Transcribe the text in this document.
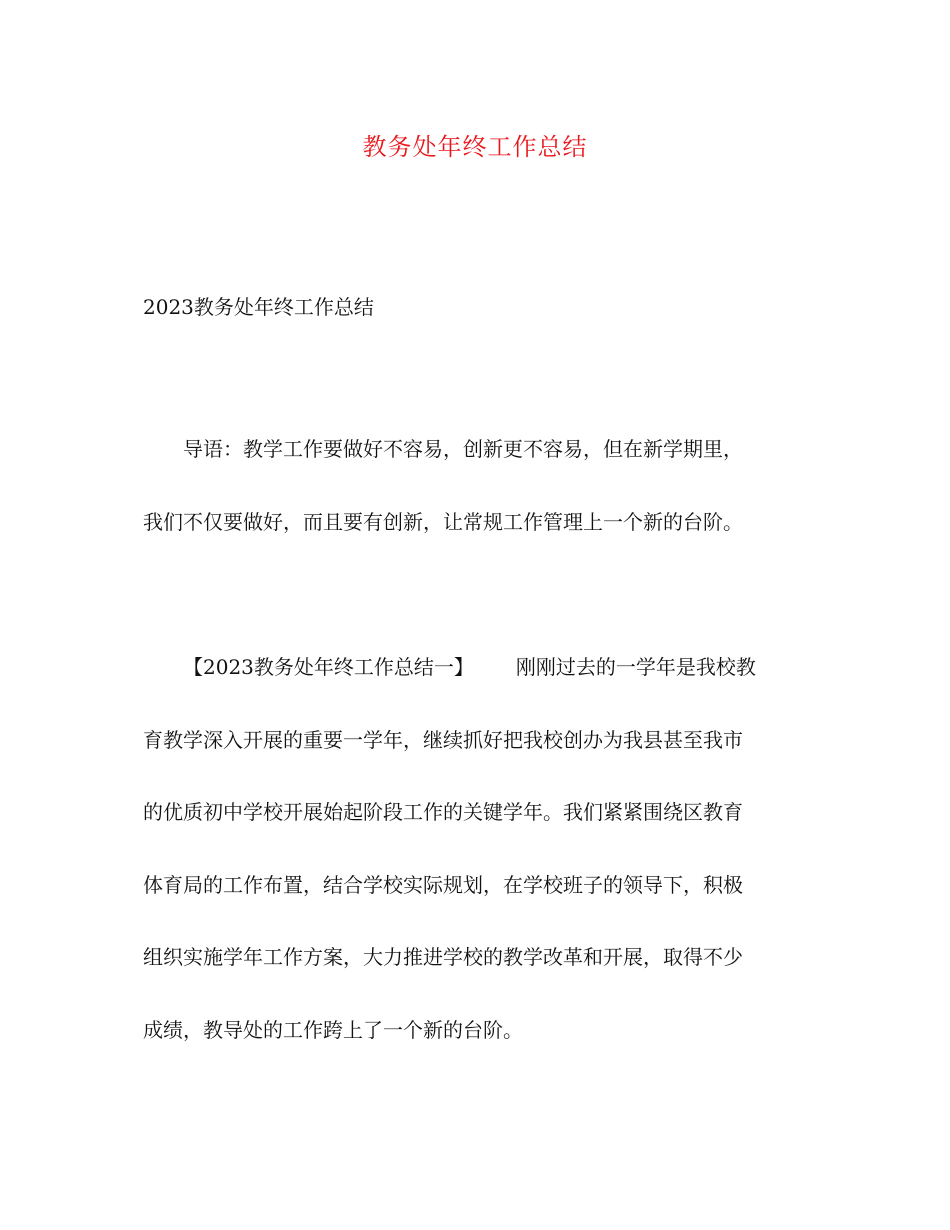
教务处年终工作总结
2023教务处年终工作总结
导语：教学工作要做好不容易，创新更不容易，但在新学期里，
我们不仅要做好，而且要有创新，让常规工作管理上一个新的台阶。
【2023教务处年终工作总结一】 刚刚过去的一学年是我校教
育教学深入开展的重要一学年，继续抓好把我校创办为我县甚至我市
的优质初中学校开展始起阶段工作的关键学年。我们紧紧围绕区教育
体育局的工作布置，结合学校实际规划，在学校班子的领导下，积极
组织实施学年工作方案，大力推进学校的教学改革和开展，取得不少
成绩，教导处的工作跨上了一个新的台阶。
